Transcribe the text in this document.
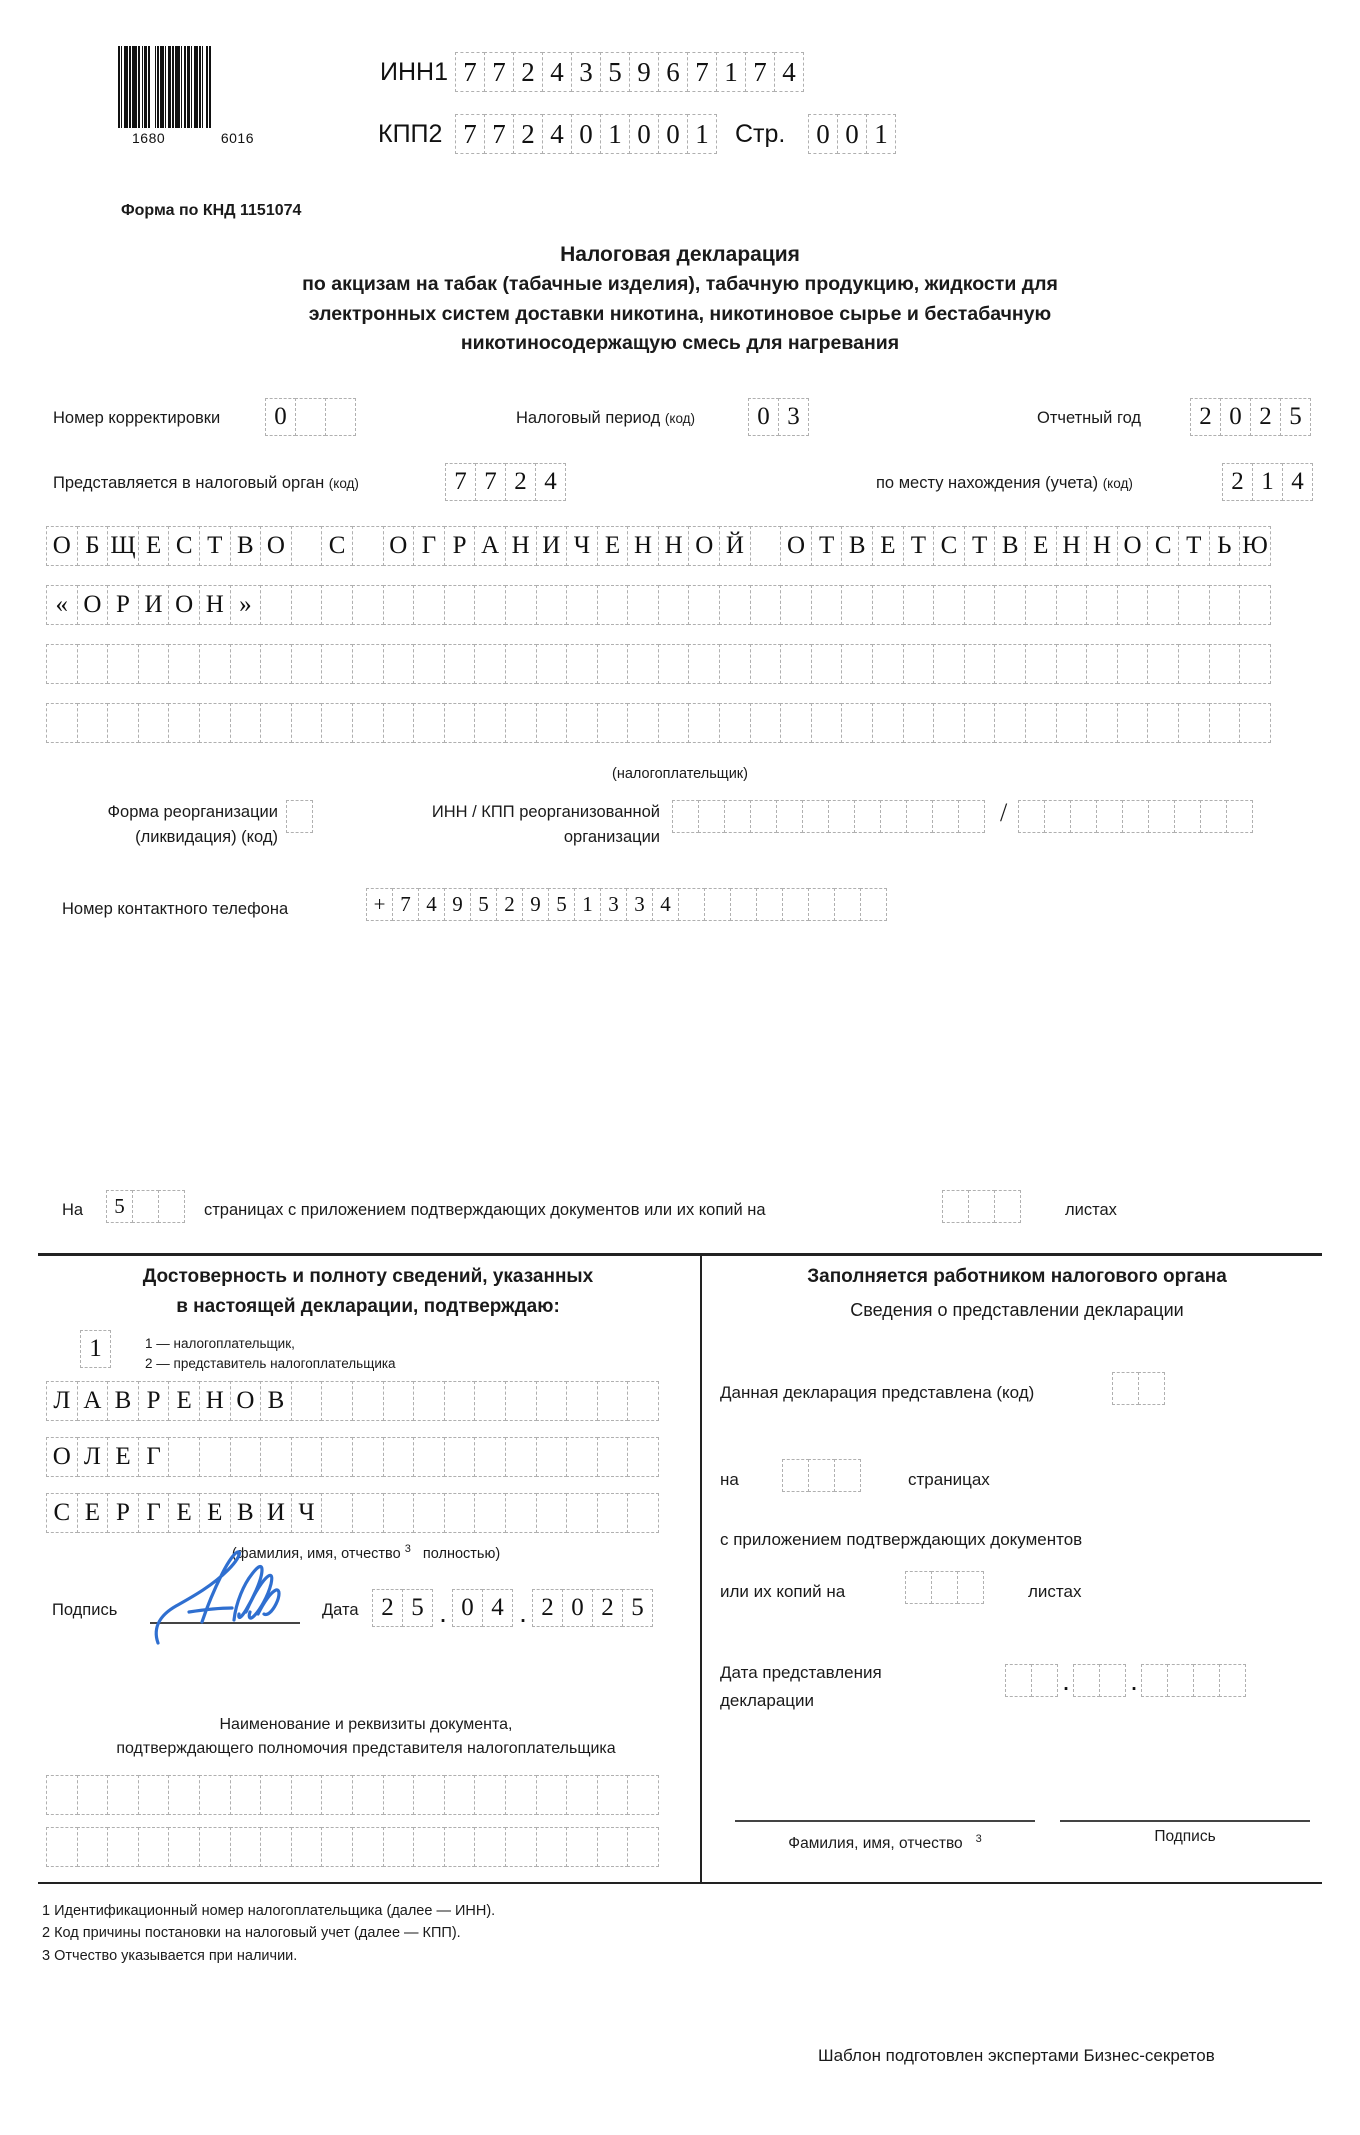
1680	6016
ИНН1 7 7 2 4 3 5 9 6 7 1 7 4
КПП2 7 7 2 4 0 1 0 0 1	Стр.	0 0 1
Форма по КНД 1151074
Налоговая декларация
по акцизам на табак (табачные изделия), табачную продукцию, жидкости для
электронных систем доставки никотина, никотиновое сырье и бестабачную
никотиносодержащую смесь для нагревания
Номер корректировки	0	Налоговый период (код)	0 3	Отчетный год	2 0 2 5
Представляется в налоговый орган (код)	7 7 2 4	по месту нахождения (учета) (код)	2 1 4
О Б Щ Е С Т В О С О Г Р А Н И Ч Е Н Н О Й О Т В Е Т С Т В Е Н Н О С Т Ь Ю
« О Р И О Н »
(налогоплательщик)
Форма реорганизации
(ликвидация) (код)
ИНН / КПП реорганизованной
организации
/
Номер контактного телефона	+ 7 4 9 5 2 9 5 1 3 3 4
На	5	страницах с приложением подтверждающих документов или их копий на	листах
Достоверность и полноту сведений, указанных
в настоящей декларации, подтверждаю:
1	1 — налогоплательщик,
2 — представитель налогоплательщика
Л А В Р Е Н О В
О Л Е Г
С Е Р Г Е Е В И Ч
(фамилия, имя, отчество $^3$ полностью)
Подпись	Дата 2 5 . 0 4 . 2 0 2 5
Наименование и реквизиты документа,
подтверждающего полномочия представителя налогоплательщика
Заполняется работником налогового органа
Сведения о представлении декларации
Данная декларация представлена (код)
на	страницах
с приложением подтверждающих документов
или их копий на	листах
Дата представления
декларации
. .
Фамилия, имя, отчество $^3$	Подпись
1 Идентификационный номер налогоплательщика (далее — ИНН).
2 Код причины постановки на налоговый учет (далее — КПП).
3 Отчество указывается при наличии.
Шаблон подготовлен экспертами Бизнес-секретов
